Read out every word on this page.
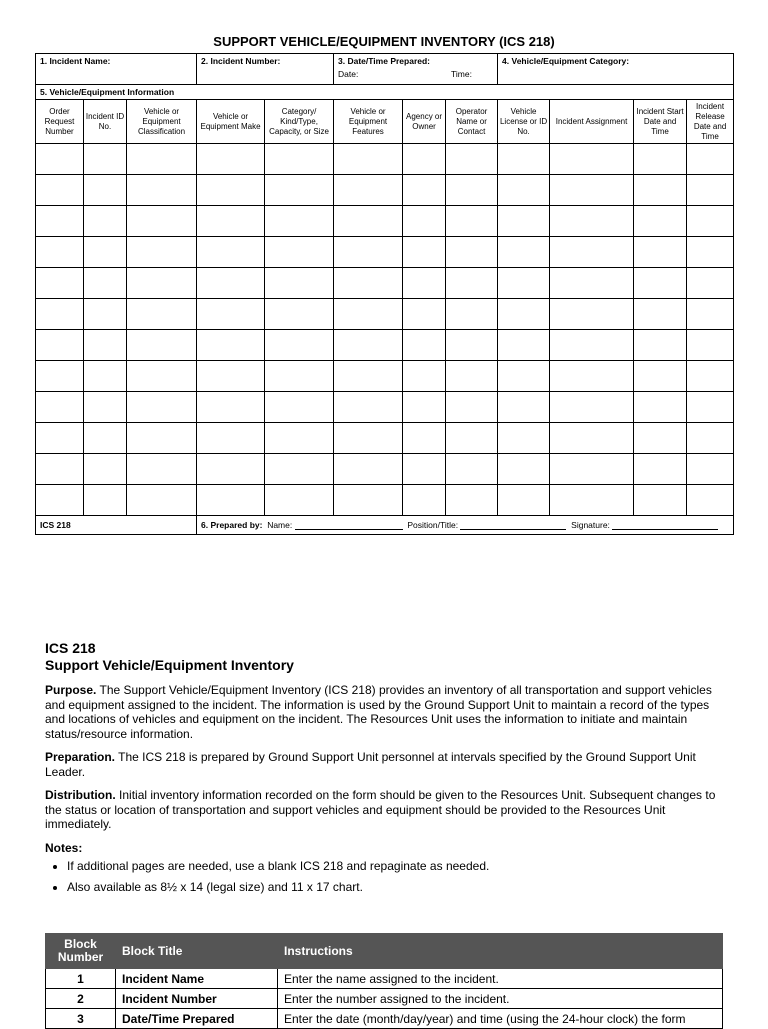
SUPPORT VEHICLE/EQUIPMENT INVENTORY (ICS 218)
1. Incident Name:			2. Incident Number:		3. Date/Time Prepared:
Date: Time:			4. Vehicle/Equipment Category:			
5. Vehicle/Equipment Information											
Order Request Number	Incident ID No.	Vehicle or Equipment Classification	Vehicle or Equipment Make	Category/ Kind/Type, Capacity, or Size	Vehicle or Equipment Features	Agency or Owner	Operator Name or Contact	Vehicle License or ID No.	Incident Assignment	Incident Start Date and Time	Incident Release Date and Time

ICS 218			6. Prepared by: Name: Position/Title: Signature:								
ICS 218
Support Vehicle/Equipment Inventory

Purpose. The Support Vehicle/Equipment Inventory (ICS 218) provides an inventory of all transportation and support vehicles and equipment assigned to the incident. The information is used by the Ground Support Unit to maintain a record of the types and locations of vehicles and equipment on the incident. The Resources Unit uses the information to initiate and maintain status/resource information.

Preparation. The ICS 218 is prepared by Ground Support Unit personnel at intervals specified by the Ground Support Unit Leader.

Distribution. Initial inventory information recorded on the form should be given to the Resources Unit. Subsequent changes to the status or location of transportation and support vehicles and equipment should be provided to the Resources Unit immediately.

Notes:
• If additional pages are needed, use a blank ICS 218 and repaginate as needed.
• Also available as 8½ x 14 (legal size) and 11 x 17 chart.
Block Number	Block Title	Instructions
1	Incident Name	Enter the name assigned to the incident.
2	Incident Number	Enter the number assigned to the incident.
3	Date/Time Prepared	Enter the date (month/day/year) and time (using the 24-hour clock) the form
